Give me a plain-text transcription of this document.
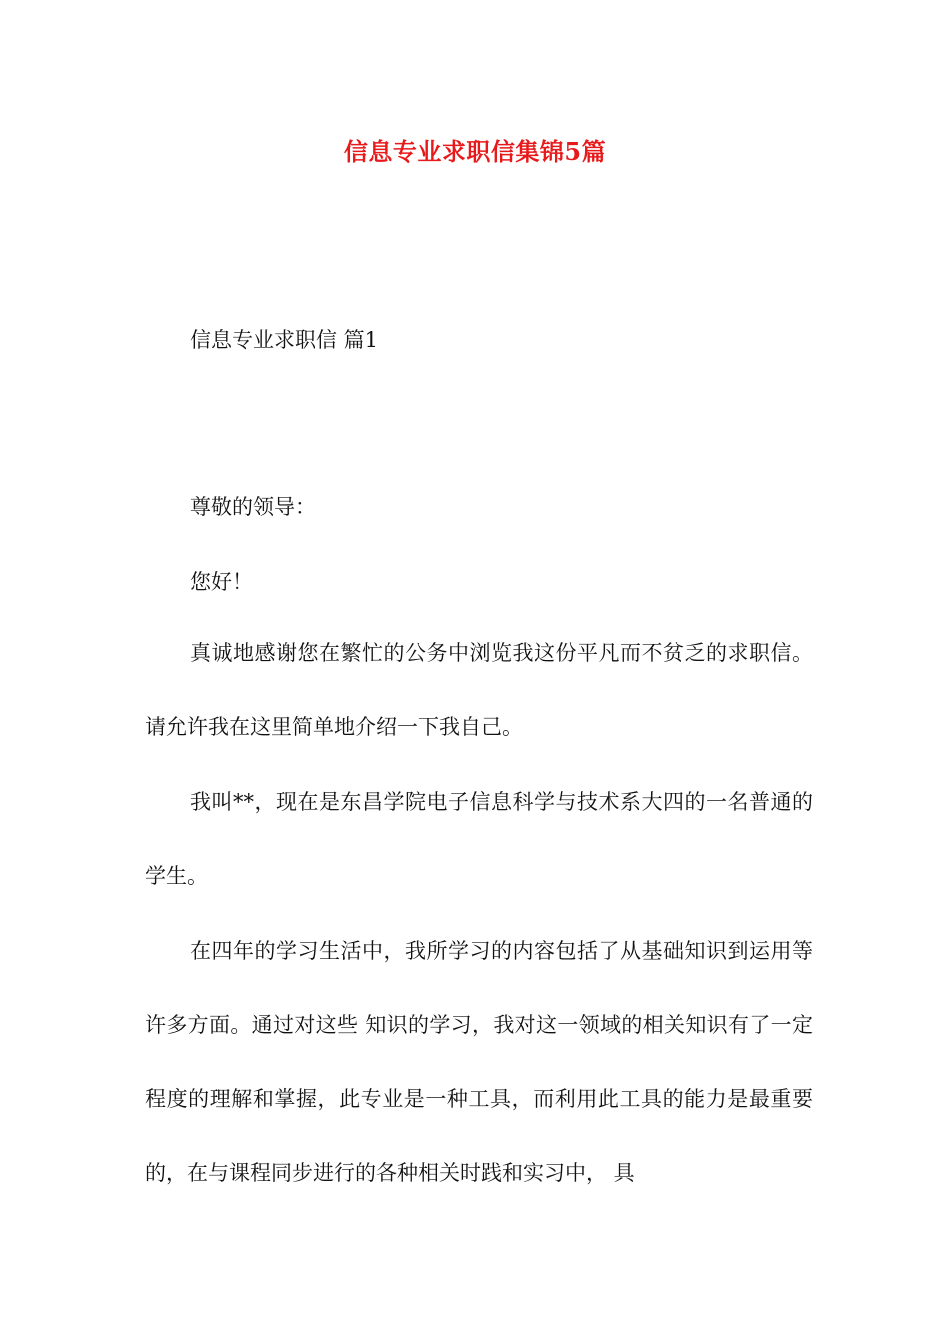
信息专业求职信集锦5篇
信息专业求职信 篇1

尊敬的领导：

您好！

真诚地感谢您在繁忙的公务中浏览我这份平凡而不贫乏的求职信。请允许我在这里简单地介绍一下我自己。

我叫**，现在是东昌学院电子信息科学与技术系大四的一名普通的学生。

在四年的学习生活中，我所学习的内容包括了从基础知识到运用等许多方面。通过对这些 知识的学习，我对这一领域的相关知识有了一定程度的理解和掌握，此专业是一种工具，而利用此工具的能力是最重要的，在与课程同步进行的各种相关时践和实习中， 具
